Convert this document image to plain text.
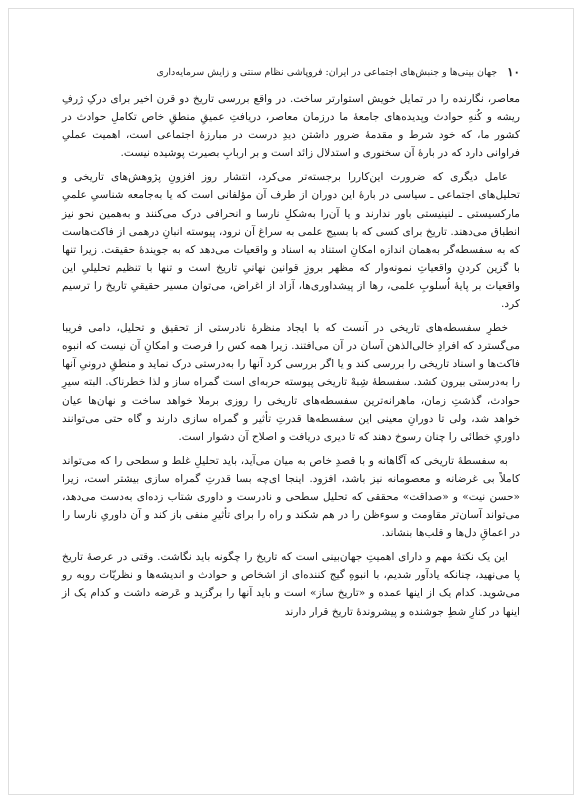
۱۰
جهان بینی‌ها و جنبش‌های اجتماعی در ایران: فروپاشی نظام سنتی و زایش سرمایه‌داری

معاصر، نگارنده را در تمایل خویش استوارتر ساخت. در واقع بررسی تاریخ دو قرن اخیر برای درکِ ژرفِ ریشه و کُنهِ حوادث وپدیده‌های جامعهٔ ما درزمان معاصر، دریافتِ عمیقِ منطقِ خاص تکاملِ حوادث در کشور ما، که خود شرط و مقدمهٔ ضرور داشتن دیدِ درست در مبارزهٔ اجتماعی است، اهمیت عملیِ فراوانی دارد که در بارهٔ آن سخنوری و استدلال زائد است و بر اربابِ بصیرت پوشیده نیست.

عامل دیگری که ضرورت این‌کاررا برجسته‌تر می‌کرد، انتشار روز افزونِ پژوهش‌های تاریخی و تحلیل‌های اجتماعی ـ سیاسی در بارهٔ این دوران از طرف آن مؤلفانی است که یا به‌جامعه شناسیِ علمیِ مارکسیستی ـ لنینیستی باور ندارند و یا آن‌را به‌شکلِ نارسا و انحرافی درک می‌کنند و به‌همین نحو نیز انطباق می‌دهند. تاریخ برای کسی که با بسیج علمی به سراغ آن نرود، پیوسته انبانِ درهمی از فاکت‌هاست که به سفسطه‌گر به‌همان اندازه امکانِ استناد به اسناد و واقعیات می‌دهد که به جویندهٔ حقیقت. زیرا تنها با گزین کردنِ واقعیاتِ نمونه‌وار که مظهر بروزِ قوانین نهانیِ تاریخ است و تنها با تنظیم تحلیلیِ این واقعیات بر پایهٔ اُسلوبِ علمی، رها از پیشداوری‌ها، آزاد از اغراض، می‌توان مسیر حقیقیِ تاریخ را ترسیم کرد.

خطرِ سفسطه‌های تاریخی در آنست که با ایجاد منظرهٔ نادرستی از تحقیق و تحلیل، دامی فریبا می‌گسترد که افرادِ خالی‌الذهن آسان در آن می‌افتند. زیرا همه کس را فرصت و امکانِ آن نیست که انبوه فاکت‌ها و اسناد تاریخی را بررسی کند و یا اگر بررسی کرد آنها را به‌درستی درک نماید و منطقِ درونیِ آنها را به‌درستی بیرون کشد. سفسطهٔ شِبهْ تاریخی پیوسته حربه‌ای است گمراه ساز و لذا خطرناک. البته سیرِ حوادث، گذشتِ زمان، ماهرانه‌ترین سفسطه‌های تاریخی را روزی برملا خواهد ساخت و نهان‌ها عیان خواهد شد، ولی تا دورانِ معینی این سفسطه‌ها قدرتِ تأثیر و گمراه سازی دارند و گاه حتی می‌توانند داوریِ خطائی را چنان رسوخ دهند که تا دیری دریافت و اصلاح آن دشوار است.

به سفسطهٔ تاریخی که آگاهانه و با قصدِ خاص به میان می‌آید، باید تحلیلِ غلط و سطحی را که می‌تواند کاملاً بی غرضانه و معصومانه نیز باشد، افزود. اینجا ای‌چه بسا قدرتِ گمراه سازی بیشتر است، زیرا «حسن نیت» و «صداقت» محققی که تحلیل سطحی و نادرست و داوری شتاب زده‌ای به‌دست می‌دهد، می‌تواند آسان‌تر مقاومت و سوءظن را در هم شکند و راه را برای تأثیرِ منفی باز کند و آن داوریِ نارسا را در اعماقِ دل‌ها و قلب‌ها بنشاند.

این یک نکتهٔ مهم و دارای اهمیتِ جهان‌بینی است که تاریخ را چگونه باید نگاشت. وقتی در عرصهٔ تاریخ پا می‌نهید، چنانکه یادآور شدیم، با انبوهِ گیج کننده‌ای از اشخاص و حوادث و اندیشه‌ها و نظریّات روبه رو می‌شوید. کدام یک از اینها عمده و «تاریخ ساز» است و باید آنها را برگزید و عَرضه داشت و کدام یک از اینها در کنارِ شطِ جوشنده و پیشروندهٔ تاریخ قرار دارند
